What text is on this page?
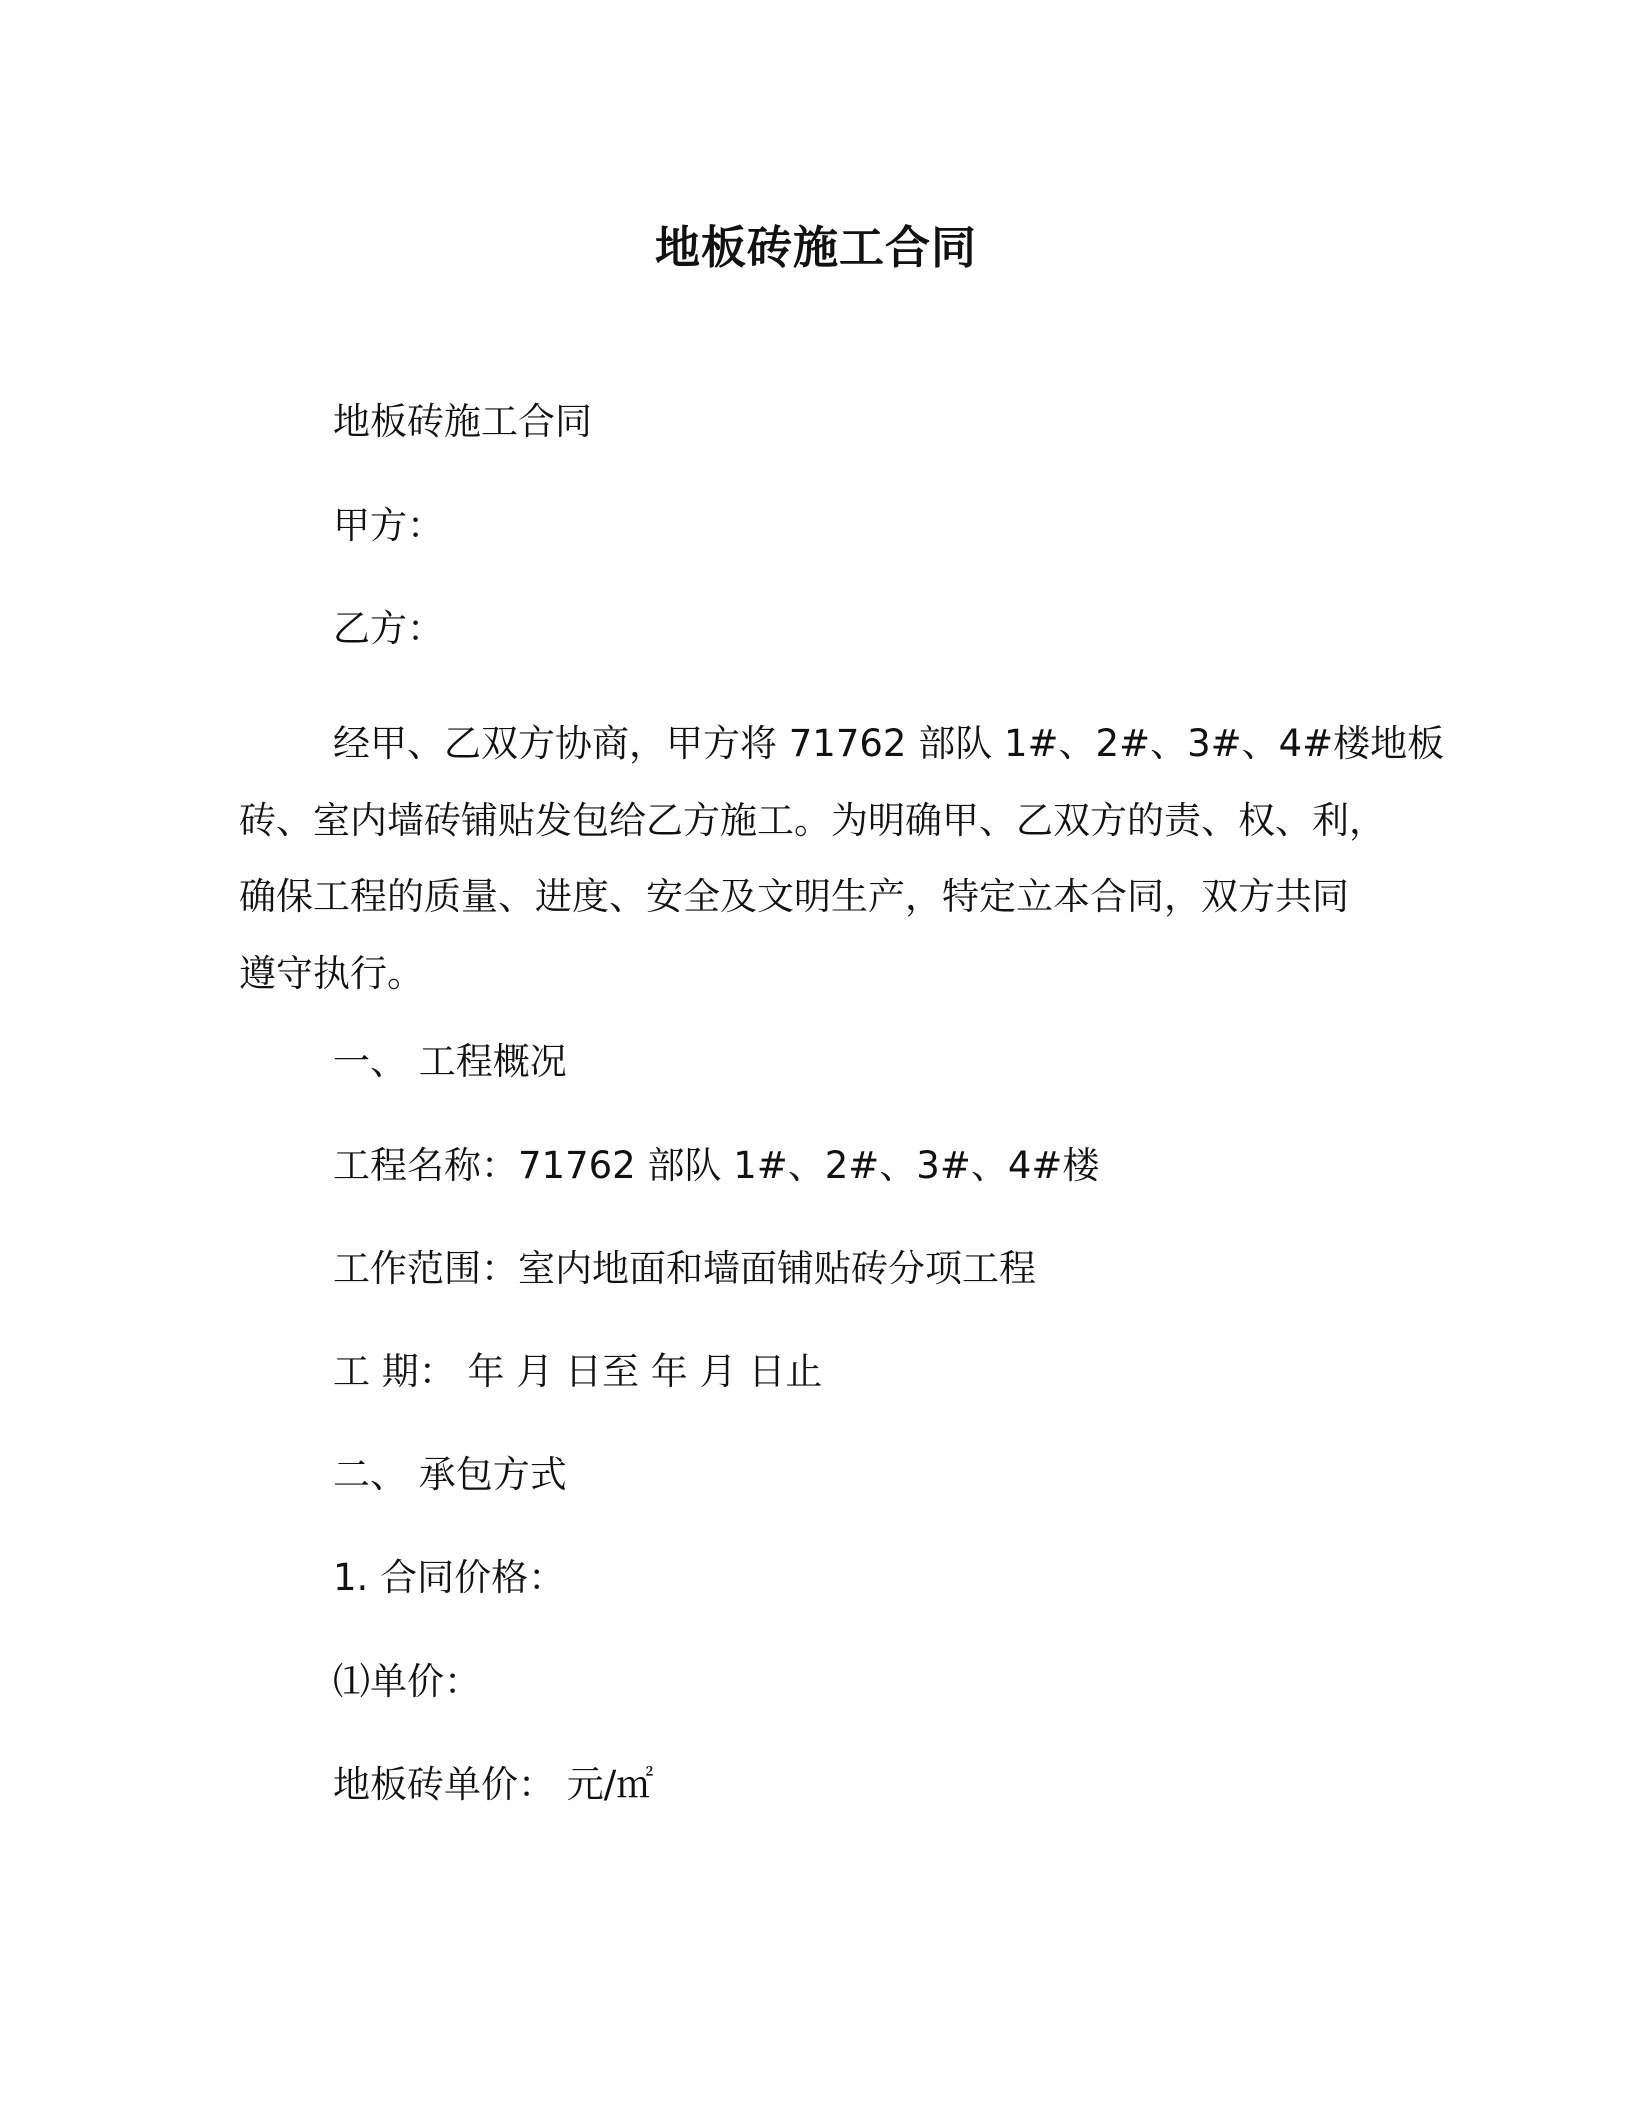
地板砖施工合同
地板砖施工合同
甲方：
乙方：
经甲、乙双方协商，甲方将 71762 部队 1#、2#、3#、4#楼地板
砖、室内墙砖铺贴发包给乙方施工。为明确甲、乙双方的责、权、利，
确保工程的质量、进度、安全及文明生产，特定立本合同，双方共同
遵守执行。
一、 工程概况
工程名称：71762 部队 1#、2#、3#、4#楼
工作范围：室内地面和墙面铺贴砖分项工程
工 期： 年 月 日至 年 月 日止
二、 承包方式
1. 合同价格：
⑴单价：
地板砖单价： 元/㎡
